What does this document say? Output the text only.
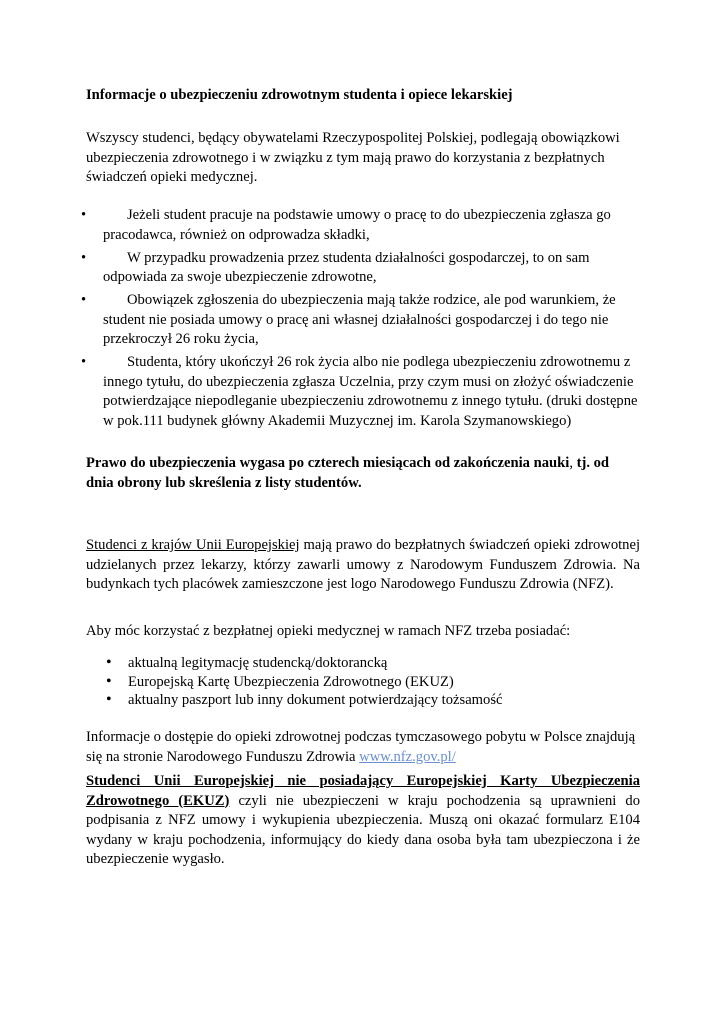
Informacje o ubezpieczeniu zdrowotnym studenta i opiece lekarskiej
Wszyscy studenci, będący obywatelami Rzeczypospolitej Polskiej, podlegają obowiązkowi ubezpieczenia zdrowotnego i w związku z tym mają prawo do korzystania z bezpłatnych świadczeń opieki medycznej.
•	Jeżeli student pracuje na podstawie umowy o pracę to do ubezpieczenia zgłasza go pracodawca, również on odprowadza składki,
•	W przypadku prowadzenia przez studenta działalności gospodarczej, to on sam odpowiada za swoje ubezpieczenie zdrowotne,
•	Obowiązek zgłoszenia do ubezpieczenia mają także rodzice, ale pod warunkiem, że student nie posiada umowy o pracę ani własnej działalności gospodarczej i do tego nie przekroczył 26 roku życia,
•	Studenta, który ukończył 26 rok życia albo nie podlega ubezpieczeniu zdrowotnemu z innego tytułu, do ubezpieczenia zgłasza Uczelnia, przy czym musi on złożyć oświadczenie potwierdzające niepodleganie ubezpieczeniu zdrowotnemu z innego tytułu. (druki dostępne w pok.111 budynek główny Akademii Muzycznej im. Karola Szymanowskiego)
Prawo do ubezpieczenia wygasa po czterech miesiącach od zakończenia nauki, tj. od dnia obrony lub skreślenia z listy studentów.
Studenci z krajów Unii Europejskiej mają prawo do bezpłatnych świadczeń opieki zdrowotnej udzielanych przez lekarzy, którzy zawarli umowy z Narodowym Funduszem Zdrowia. Na budynkach tych placówek zamieszczone jest logo Narodowego Funduszu Zdrowia (NFZ).
Aby móc korzystać z bezpłatnej opieki medycznej w ramach NFZ trzeba posiadać:
• aktualną legitymację studencką/doktorancką
• Europejską Kartę Ubezpieczenia Zdrowotnego (EKUZ)
• aktualny paszport lub inny dokument potwierdzający tożsamość
Informacje o dostępie do opieki zdrowotnej podczas tymczasowego pobytu w Polsce znajdują się na stronie Narodowego Funduszu Zdrowia www.nfz.gov.pl/
Studenci Unii Europejskiej nie posiadający Europejskiej Karty Ubezpieczenia Zdrowotnego (EKUZ) czyli nie ubezpieczeni w kraju pochodzenia są uprawnieni do podpisania z NFZ umowy i wykupienia ubezpieczenia. Muszą oni okazać formularz E104 wydany w kraju pochodzenia, informujący do kiedy dana osoba była tam ubezpieczona i że ubezpieczenie wygasło.
